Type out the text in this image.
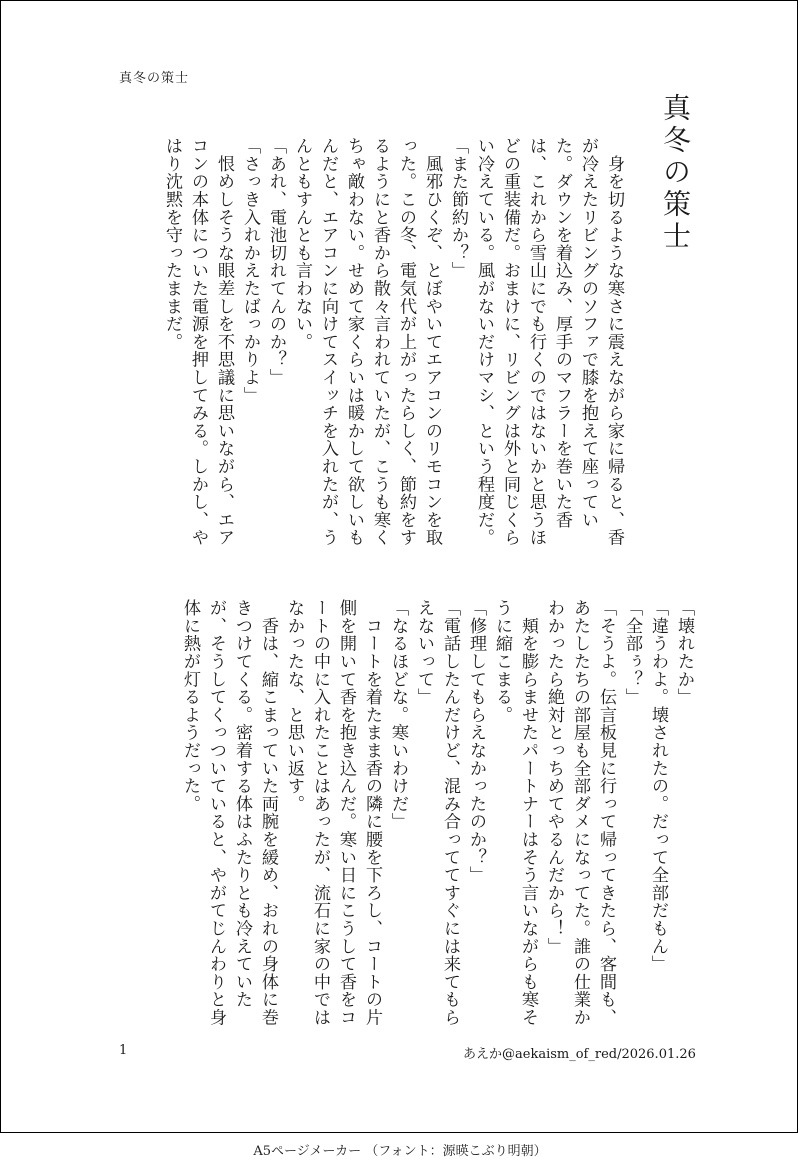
真冬の策士
真冬の策士

　身を切るような寒さに震えながら家に帰ると、香が冷えたリビングのソファで膝を抱えて座っていた。ダウンを着込み、厚手のマフラーを巻いた香は、これから雪山にでも行くのではないかと思うほどの重装備だ。おまけに、リビングは外と同じくらい冷えている。風がないだけマシ、という程度だ。

「また節約か？」

　風邪ひくぞ、とぼやいてエアコンのリモコンを取った。この冬、電気代が上がったらしく、節約をするようにと香から散々言われていたが、こうも寒くちゃ敵わない。せめて家くらいは暖かして欲しいもんだと、エアコンに向けてスイッチを入れたが、うんともすんとも言わない。

「あれ、電池切れてんのか？」

「さっき入れかえたばっかりよ」

　恨めしそうな眼差しを不思議に思いながら、エアコンの本体についた電源を押してみる。しかし、やはり沈黙を守ったままだ。

「壊れたか」

「違うわよ。壊されたの。だって全部だもん」

「全部ぅ？」

「そうよ。伝言板見に行って帰ってきたら、客間も、あたしたちの部屋も全部ダメになってた。誰の仕業かわかったら絶対とっちめてやるんだから！」

　頬を膨らませたパートナーはそう言いながらも寒そうに縮こまる。

「修理してもらえなかったのか？」

「電話したんだけど、混み合っててすぐには来てもらえないって」

「なるほどな。寒いわけだ」

　コートを着たまま香の隣に腰を下ろし、コートの片側を開いて香を抱き込んだ。寒い日にこうして香をコートの中に入れたことはあったが、流石に家の中ではなかったな、と思い返す。

　香は、縮こまっていた両腕を緩め、おれの身体に巻きつけてくる。密着する体はふたりとも冷えていたが、そうしてくっついていると、やがてじんわりと身体に熱が灯るようだった。

1	あえか@aekaism_of_red/2026.01.26
A5ページメーカー （フォント：源暎こぶり明朝）
